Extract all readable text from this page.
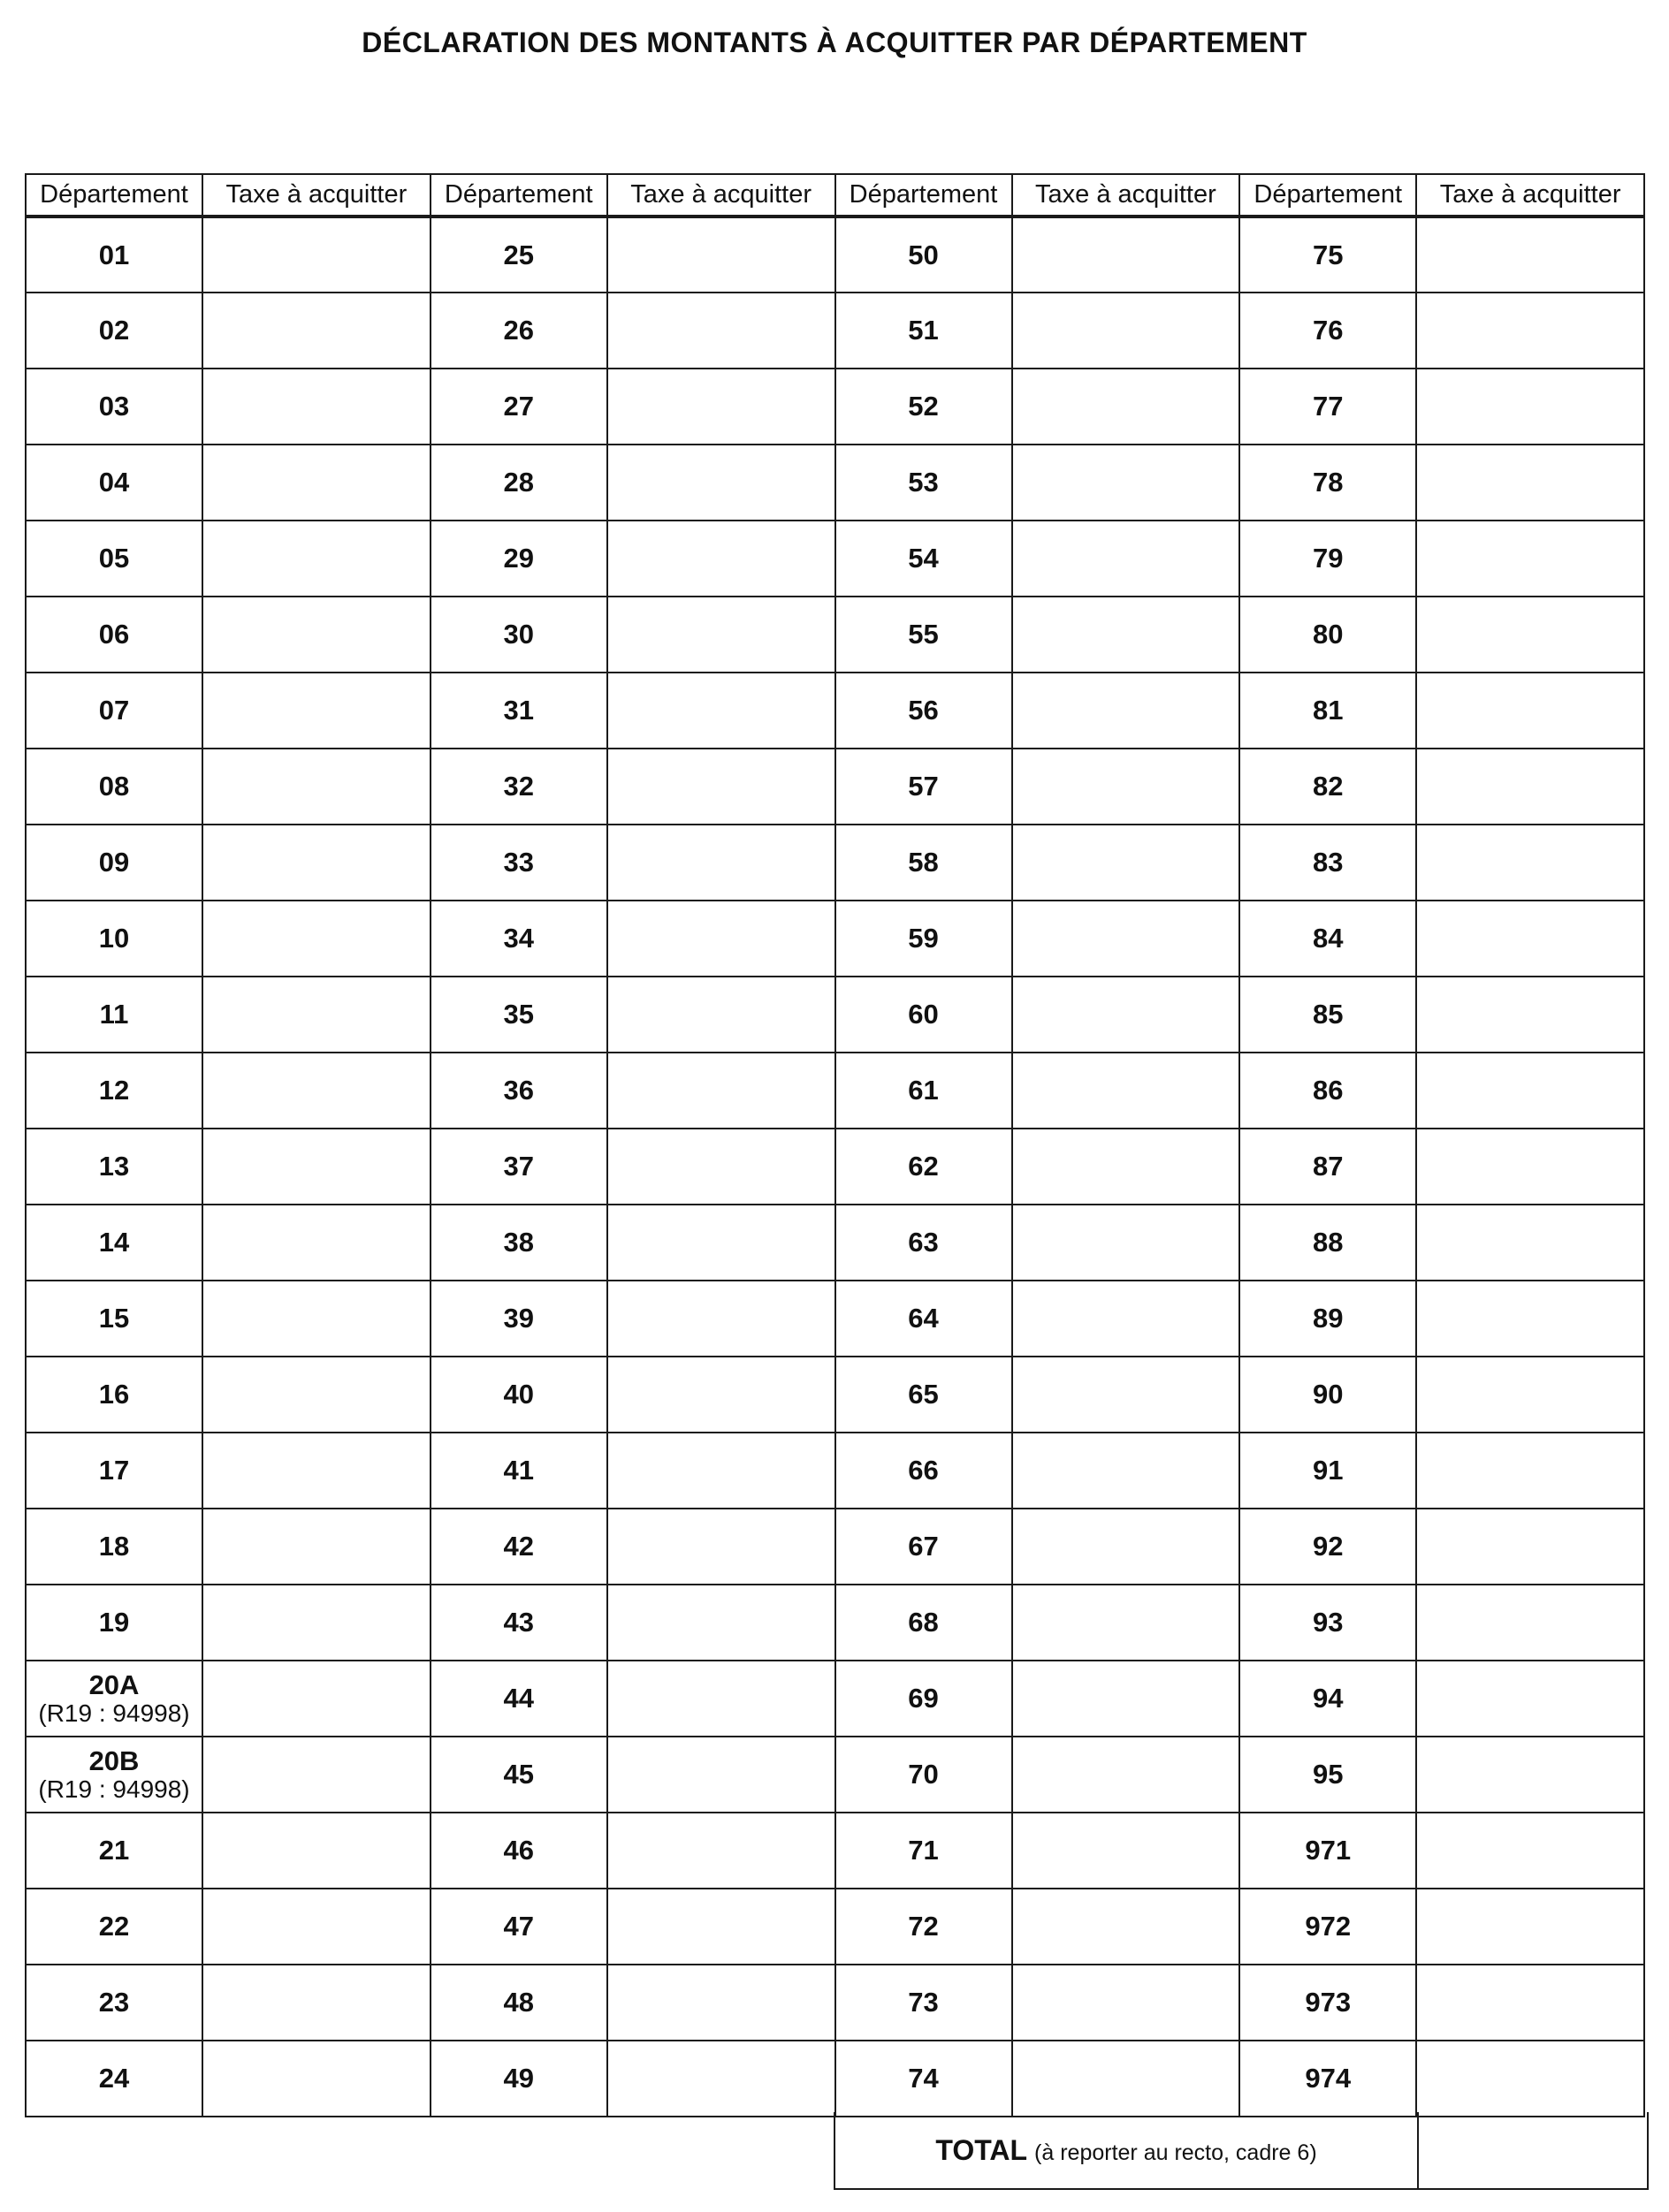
DÉCLARATION DES MONTANTS À ACQUITTER PAR DÉPARTEMENT
Département	Taxe à acquitter	Département	Taxe à acquitter	Département	Taxe à acquitter	Département	Taxe à acquitter

01		25		50		75

02		26		51		76

03		27		52		77

04		28		53		78

05		29		54		79

06		30		55		80

07		31		56		81

08		32		57		82

09		33		58		83

10		34		59		84

11		35		60		85

12		36		61		86

13		37		62		87

14		38		63		88

15		39		64		89

16		40		65		90

17		41		66		91

18		42		67		92

19		43		68		93

20A
(R19 : 94998)		44		69		94

20B
(R19 : 94998)		45		70		95

21		46		71		971

22		47		72		972

23		48		73		973

24		49		74		974

TOTAL (à reporter au recto, cadre 6)	
